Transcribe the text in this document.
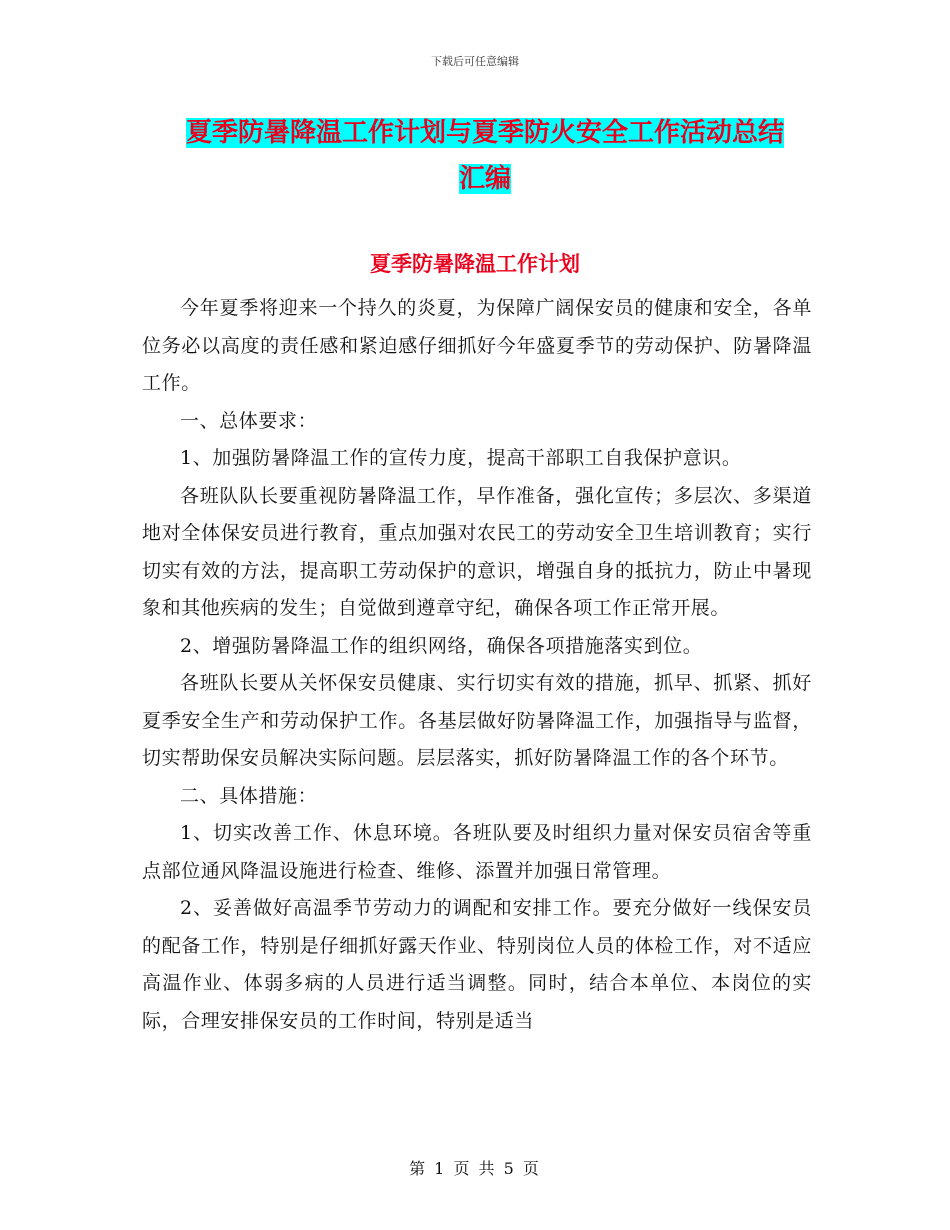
下载后可任意编辑
夏季防暑降温工作计划与夏季防火安全工作活动总结
汇编
夏季防暑降温工作计划

今年夏季将迎来一个持久的炎夏，为保障广阔保安员的健康和安全，各单位务必以高度的责任感和紧迫感仔细抓好今年盛夏季节的劳动保护、防暑降温工作。

一、总体要求：

1、加强防暑降温工作的宣传力度，提高干部职工自我保护意识。

各班队队长要重视防暑降温工作，早作准备，强化宣传；多层次、多渠道地对全体保安员进行教育，重点加强对农民工的劳动安全卫生培训教育；实行切实有效的方法，提高职工劳动保护的意识，增强自身的抵抗力，防止中暑现象和其他疾病的发生；自觉做到遵章守纪，确保各项工作正常开展。

2、增强防暑降温工作的组织网络，确保各项措施落实到位。

各班队长要从关怀保安员健康、实行切实有效的措施，抓早、抓紧、抓好夏季安全生产和劳动保护工作。各基层做好防暑降温工作，加强指导与监督，切实帮助保安员解决实际问题。层层落实，抓好防暑降温工作的各个环节。

二、具体措施：

1、切实改善工作、休息环境。各班队要及时组织力量对保安员宿舍等重点部位通风降温设施进行检查、维修、添置并加强日常管理。

2、妥善做好高温季节劳动力的调配和安排工作。要充分做好一线保安员的配备工作，特别是仔细抓好露天作业、特别岗位人员的体检工作，对不适应高温作业、体弱多病的人员进行适当调整。同时，结合本单位、本岗位的实际，合理安排保安员的工作时间，特别是适当

第 1 页 共 5 页
